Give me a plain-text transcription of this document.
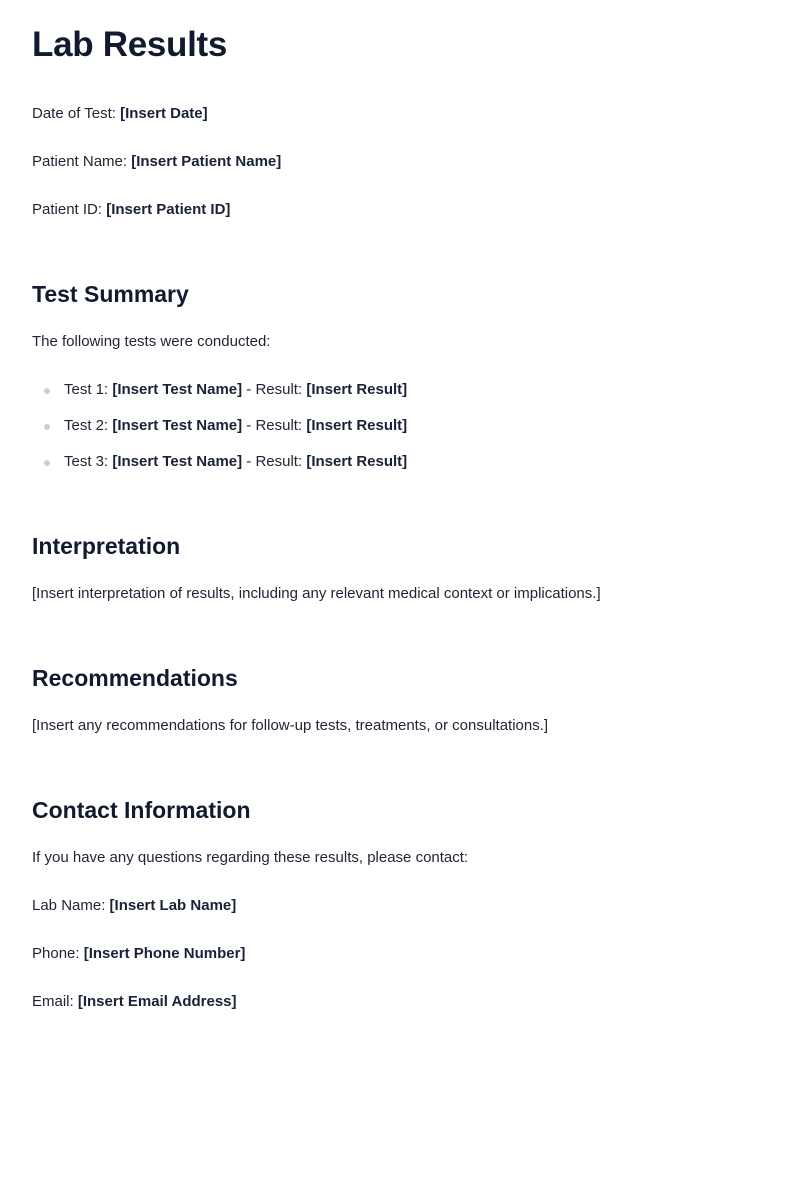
Lab Results

Date of Test: [Insert Date]

Patient Name: [Insert Patient Name]

Patient ID: [Insert Patient ID]

Test Summary

The following tests were conducted:

Test 1: [Insert Test Name] - Result: [Insert Result]
Test 2: [Insert Test Name] - Result: [Insert Result]
Test 3: [Insert Test Name] - Result: [Insert Result]
Interpretation

[Insert interpretation of results, including any relevant medical context or implications.]

Recommendations

[Insert any recommendations for follow-up tests, treatments, or consultations.]

Contact Information

If you have any questions regarding these results, please contact:

Lab Name: [Insert Lab Name]

Phone: [Insert Phone Number]

Email: [Insert Email Address]
